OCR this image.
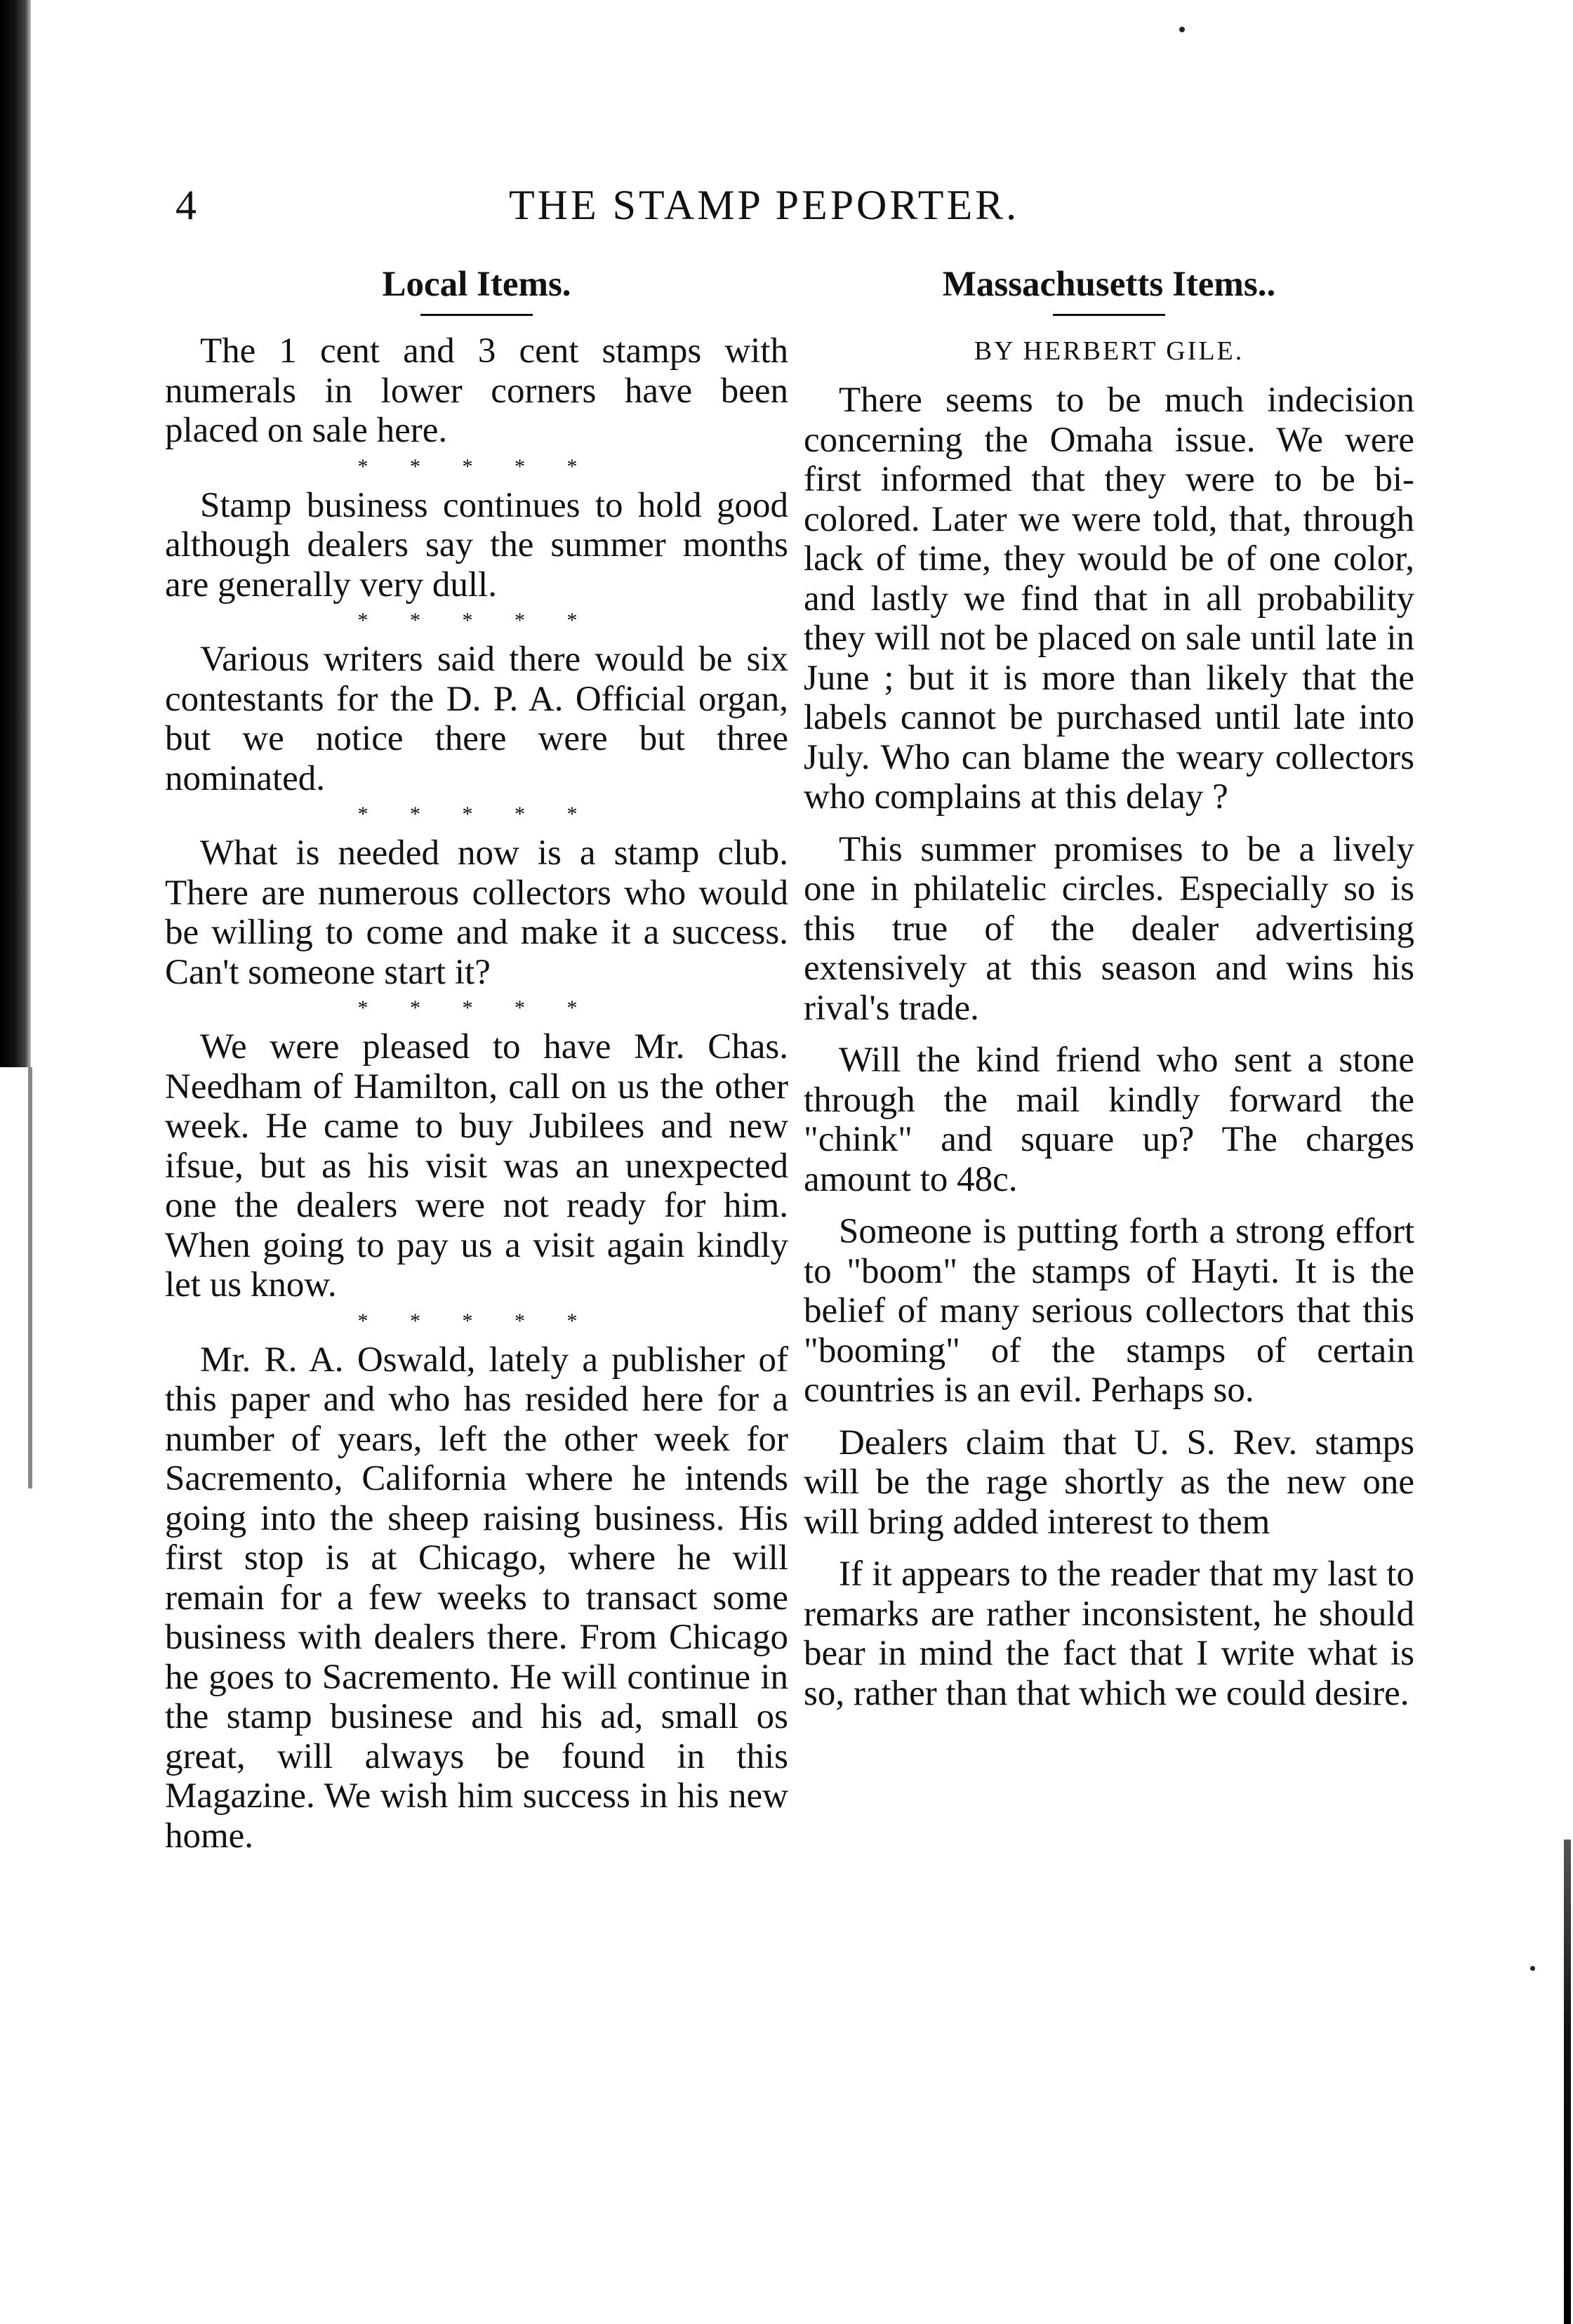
4	THE STAMP PEPORTER.
Local Items.

The 1 cent and 3 cent stamps with numerals in lower corners have been placed on sale here.

* * * * *

Stamp business continues to hold good although dealers say the summer months are generally very dull.

* * * * *

Various writers said there would be six contestants for the D. P. A. Official organ, but we notice there were but three nominated.

* * * * *

What is needed now is a stamp club. There are numerous collectors who would be willing to come and make it a success. Can't someone start it?

* * * * *

We were pleased to have Mr. Chas. Needham of Hamilton, call on us the other week. He came to buy Jubilees and new ifsue, but as his visit was an unexpected one the dealers were not ready for him. When going to pay us a visit again kindly let us know.

* * * * *

Mr. R. A. Oswald, lately a publisher of this paper and who has resided here for a number of years, left the other week for Sacremento, California where he intends going into the sheep raising business. His first stop is at Chicago, where he will remain for a few weeks to transact some business with dealers there. From Chicago he goes to Sacremento. He will continue in the stamp businese and his ad, small os great, will always be found in this Magazine. We wish him success in his new home.

Massachusetts Items..
BY HERBERT GILE.

There seems to be much indecision concerning the Omaha issue. We were first informed that they were to be bi-colored. Later we were told, that, through lack of time, they would be of one color, and lastly we find that in all probability they will not be placed on sale until late in June ; but it is more than likely that the labels cannot be purchased until late into July. Who can blame the weary collectors who complains at this delay ?

This summer promises to be a lively one in philatelic circles. Especially so is this true of the dealer advertising extensively at this season and wins his rival's trade.

Will the kind friend who sent a stone through the mail kindly forward the "chink" and square up? The charges amount to 48c.

Someone is putting forth a strong effort to "boom" the stamps of Hayti. It is the belief of many serious collectors that this "booming" of the stamps of certain countries is an evil. Perhaps so.

Dealers claim that U. S. Rev. stamps will be the rage shortly as the new one will bring added interest to them

If it appears to the reader that my last to remarks are rather inconsistent, he should bear in mind the fact that I write what is so, rather than that which we could desire.
